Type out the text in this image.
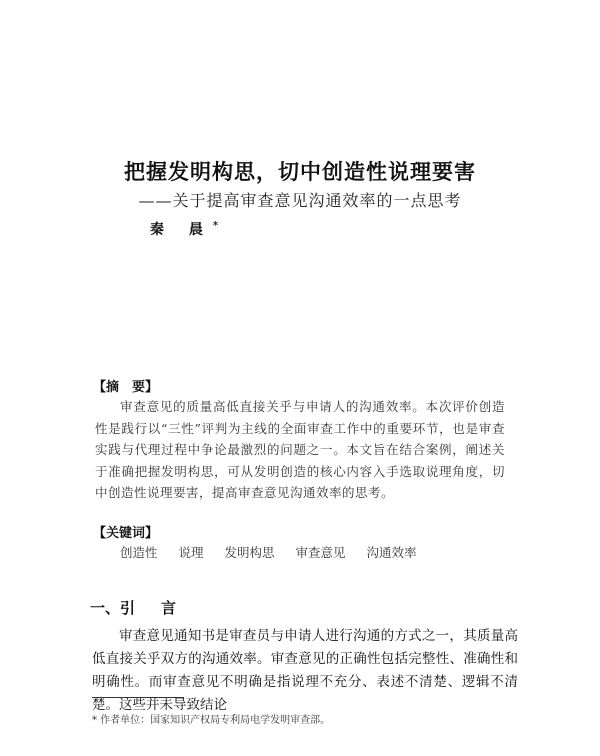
把握发明构思，切中创造性说理要害
——关于提高审查意见沟通效率的一点思考
秦 晨*
【摘　要】
审查意见的质量高低直接关乎与申请人的沟通效率。本次评价创造性是践行以“三性”评判为主线的全面审查工作中的重要环节，也是审查实践与代理过程中争论最激烈的问题之一。本文旨在结合案例，阐述关于准确把握发明构思，可从发明创造的核心内容入手选取说理角度，切中创造性说理要害，提高审查意见沟通效率的思考。
【关键词】
创造性 说理 发明构思 审查意见 沟通效率
一、引 言
审查意见通知书是审查员与申请人进行沟通的方式之一，其质量高低直接关乎双方的沟通效率。审查意见的正确性包括完整性、准确性和明确性。而审查意见不明确是指说理不充分、表述不清楚、逻辑不清楚。这些并未导致结论
* 作者单位：国家知识产权局专利局电学发明审查部。
